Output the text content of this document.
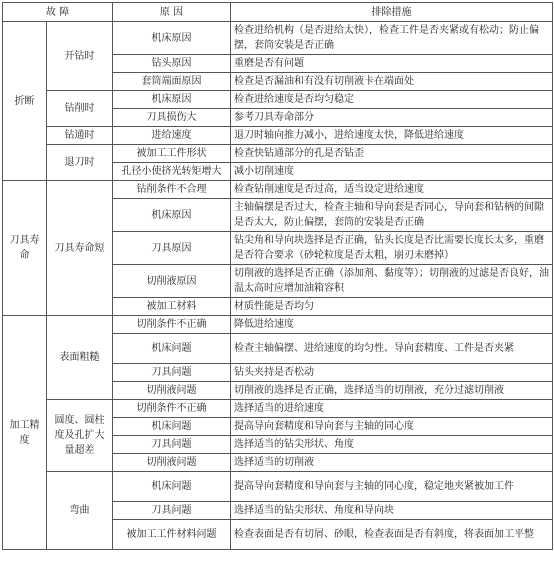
故 障		原 因	排除措施
折断	开钻时	机床原因	检查进给机构（是否进给太快），检查工件是否夹紧或有松动；防止偏摆，套筒安装是否正确
		钻头原因	重磨是否有问题
		套筒端面原因	检查是否漏油和有没有切削液卡在端面处
	钻削时	机床原因	检查进给速度是否均匀稳定
		刀具损伤大	参考刀具寿命部分
	钻通时	进给速度	退刀时轴向推力减小，进给速度太快，降低进给速度
	退刀时	被加工工件形状	检查快钻通部分的孔是否钻歪
		孔径小使挤光转矩增大	减小切削速度
刀具寿命	刀具寿命短	钻削条件不合理	检查钻削速度是否过高，适当设定进给速度
		机床原因	主轴偏摆是否过大，检查主轴和导向套是否同心，导向套和钻柄的间隙是否太大，防止偏摆，套筒的安装是否正确
		刀具原因	钻尖角和导向块选择是否正确，钻头长度是否比需要长度长太多，重磨是否符合要求（砂轮粒度是否太粗，崩刃未磨掉）
		切削液原因	切削液的选择是否正确（添加剂、黏度等）；切削液的过滤是否良好，油温太高时应增加油箱容积
		被加工材料	材质性能是否均匀
加工精度	表面粗糙	切削条件不正确	降低进给速度
		机床问题	检查主轴偏摆、进给速度的均匀性、导向套精度、工件是否夹紧
		刀具问题	钻头夹持是否松动
		切削液问题	切削液的选择是否正确，选择适当的切削液，充分过滤切削液
	圆度、圆柱度及孔扩大量超差	切削条件不正确	选择适当的进给速度
		机床问题	提高导向套精度和导向套与主轴的同心度
		刀具问题	选择适当的钻尖形状、角度
		切削液问题	选择适当的切削液
	弯曲	机床问题	提高导向套精度和导向套与主轴的同心度，稳定地夹紧被加工件
		刀具问题	选择适当的钻尖形状、角度和导向块
		被加工工件材料问题	检查表面是否有切屑、砂眼，检查表面是否有斜度，将表面加工平整
